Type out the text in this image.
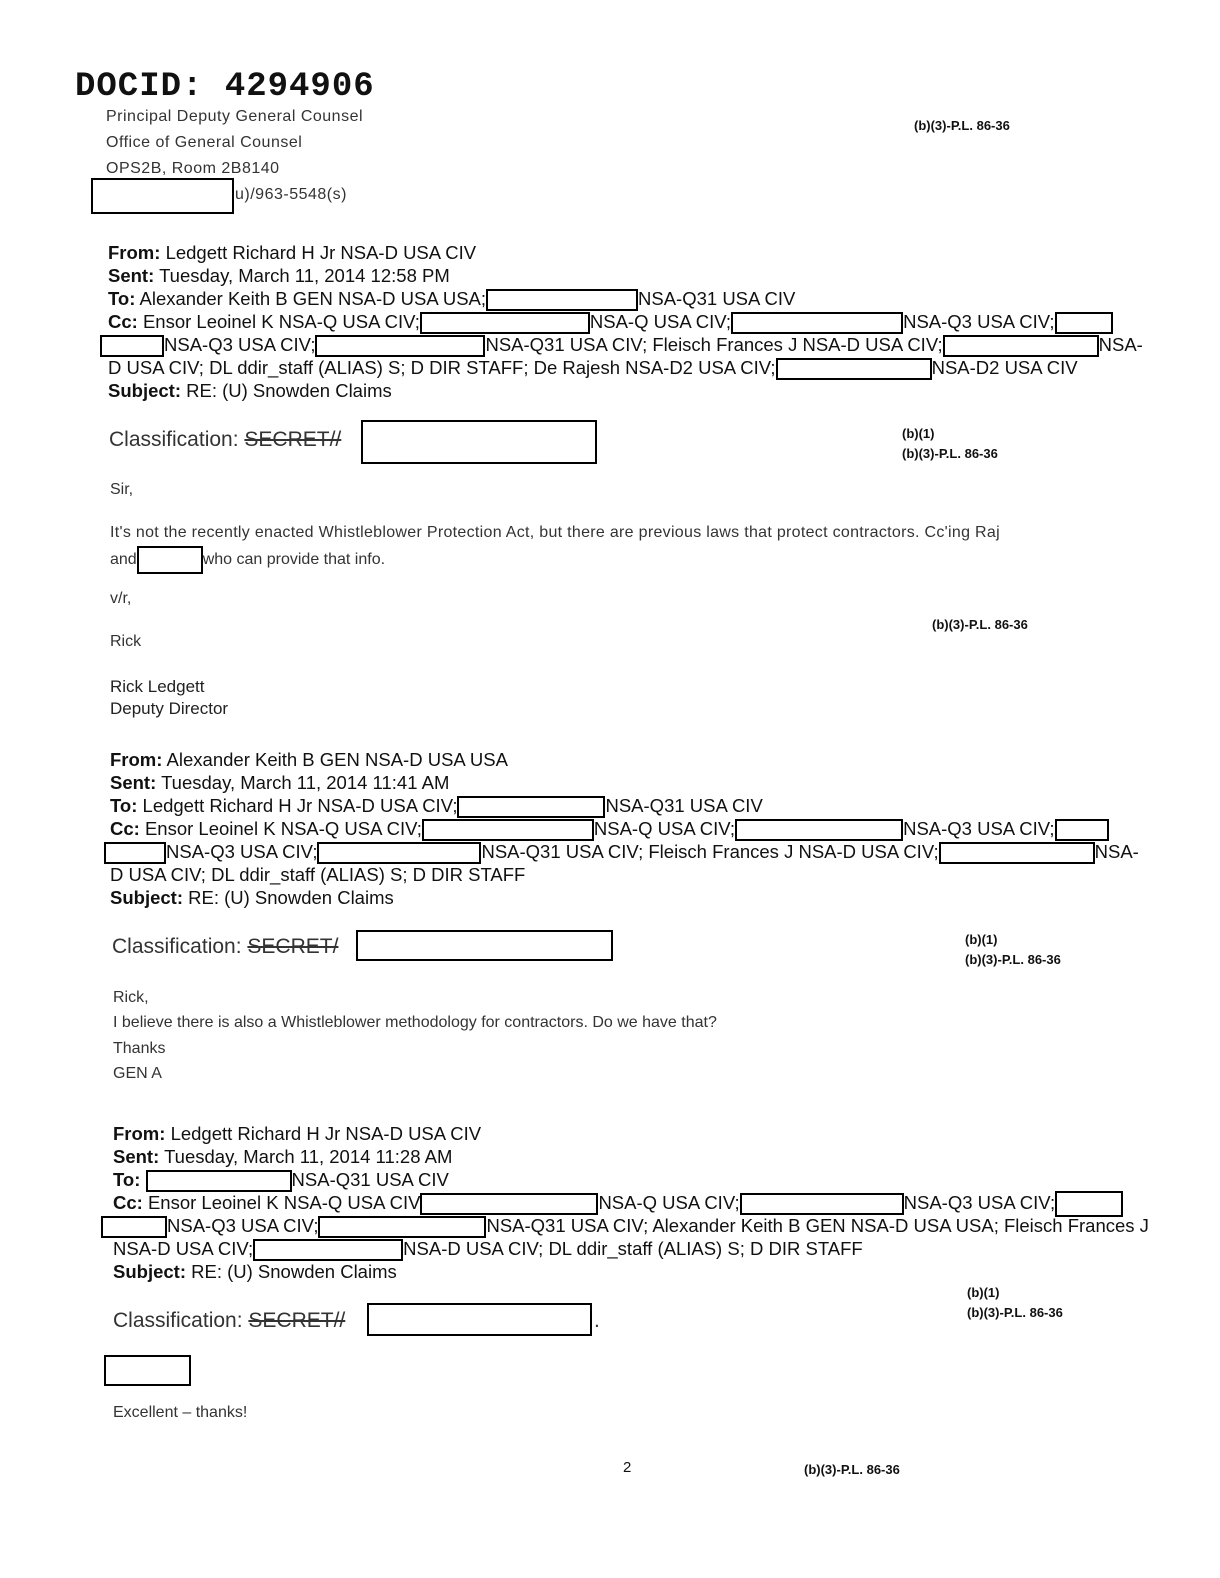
DOCID: 4294906
Principal Deputy General Counsel
Office of General Counsel
OPS2B, Room 2B8140
u)/963-5548(s)
(b)(3)-P.L. 86-36
(b)(1)
(b)(3)-P.L. 86-36
(b)(3)-P.L. 86-36
(b)(1)
(b)(3)-P.L. 86-36
(b)(1)
(b)(3)-P.L. 86-36
(b)(3)-P.L. 86-36
From: Ledgett Richard H Jr NSA-D USA CIV
Sent: Tuesday, March 11, 2014 12:58 PM
To: Alexander Keith B GEN NSA-D USA USA;	NSA-Q31 USA CIV
Cc: Ensor Leoinel K NSA-Q USA CIV;	NSA-Q USA CIV;	NSA-Q3 USA CIV;
NSA-Q3 USA CIV;	NSA-Q31 USA CIV; Fleisch Frances J NSA-D USA CIV;	NSA-
D USA CIV; DL ddir_staff (ALIAS) S; D DIR STAFF; De Rajesh NSA-D2 USA CIV;	NSA-D2 USA CIV
Subject: RE: (U) Snowden Claims
Classification: SECRET//
Sir,
It's not the recently enacted Whistleblower Protection Act, but there are previous laws that protect contractors. Cc'ing Raj
and	who can provide that info.
v/r,
Rick
Rick Ledgett
Deputy Director
From: Alexander Keith B GEN NSA-D USA USA
Sent: Tuesday, March 11, 2014 11:41 AM
To: Ledgett Richard H Jr NSA-D USA CIV;	NSA-Q31 USA CIV
Cc: Ensor Leoinel K NSA-Q USA CIV;	NSA-Q USA CIV;	NSA-Q3 USA CIV;
NSA-Q3 USA CIV;	NSA-Q31 USA CIV; Fleisch Frances J NSA-D USA CIV;	NSA-
D USA CIV; DL ddir_staff (ALIAS) S; D DIR STAFF
Subject: RE: (U) Snowden Claims
Classification: SECRET/
Rick,
I believe there is also a Whistleblower methodology for contractors. Do we have that?
Thanks
GEN A
From: Ledgett Richard H Jr NSA-D USA CIV
Sent: Tuesday, March 11, 2014 11:28 AM
To:	NSA-Q31 USA CIV
Cc: Ensor Leoinel K NSA-Q USA CIV	NSA-Q USA CIV;	NSA-Q3 USA CIV;
NSA-Q3 USA CIV;	NSA-Q31 USA CIV; Alexander Keith B GEN NSA-D USA USA; Fleisch Frances J
NSA-D USA CIV;	NSA-D USA CIV; DL ddir_staff (ALIAS) S; D DIR STAFF
Subject: RE: (U) Snowden Claims
Classification: SECRET//	.
Excellent – thanks!
2
